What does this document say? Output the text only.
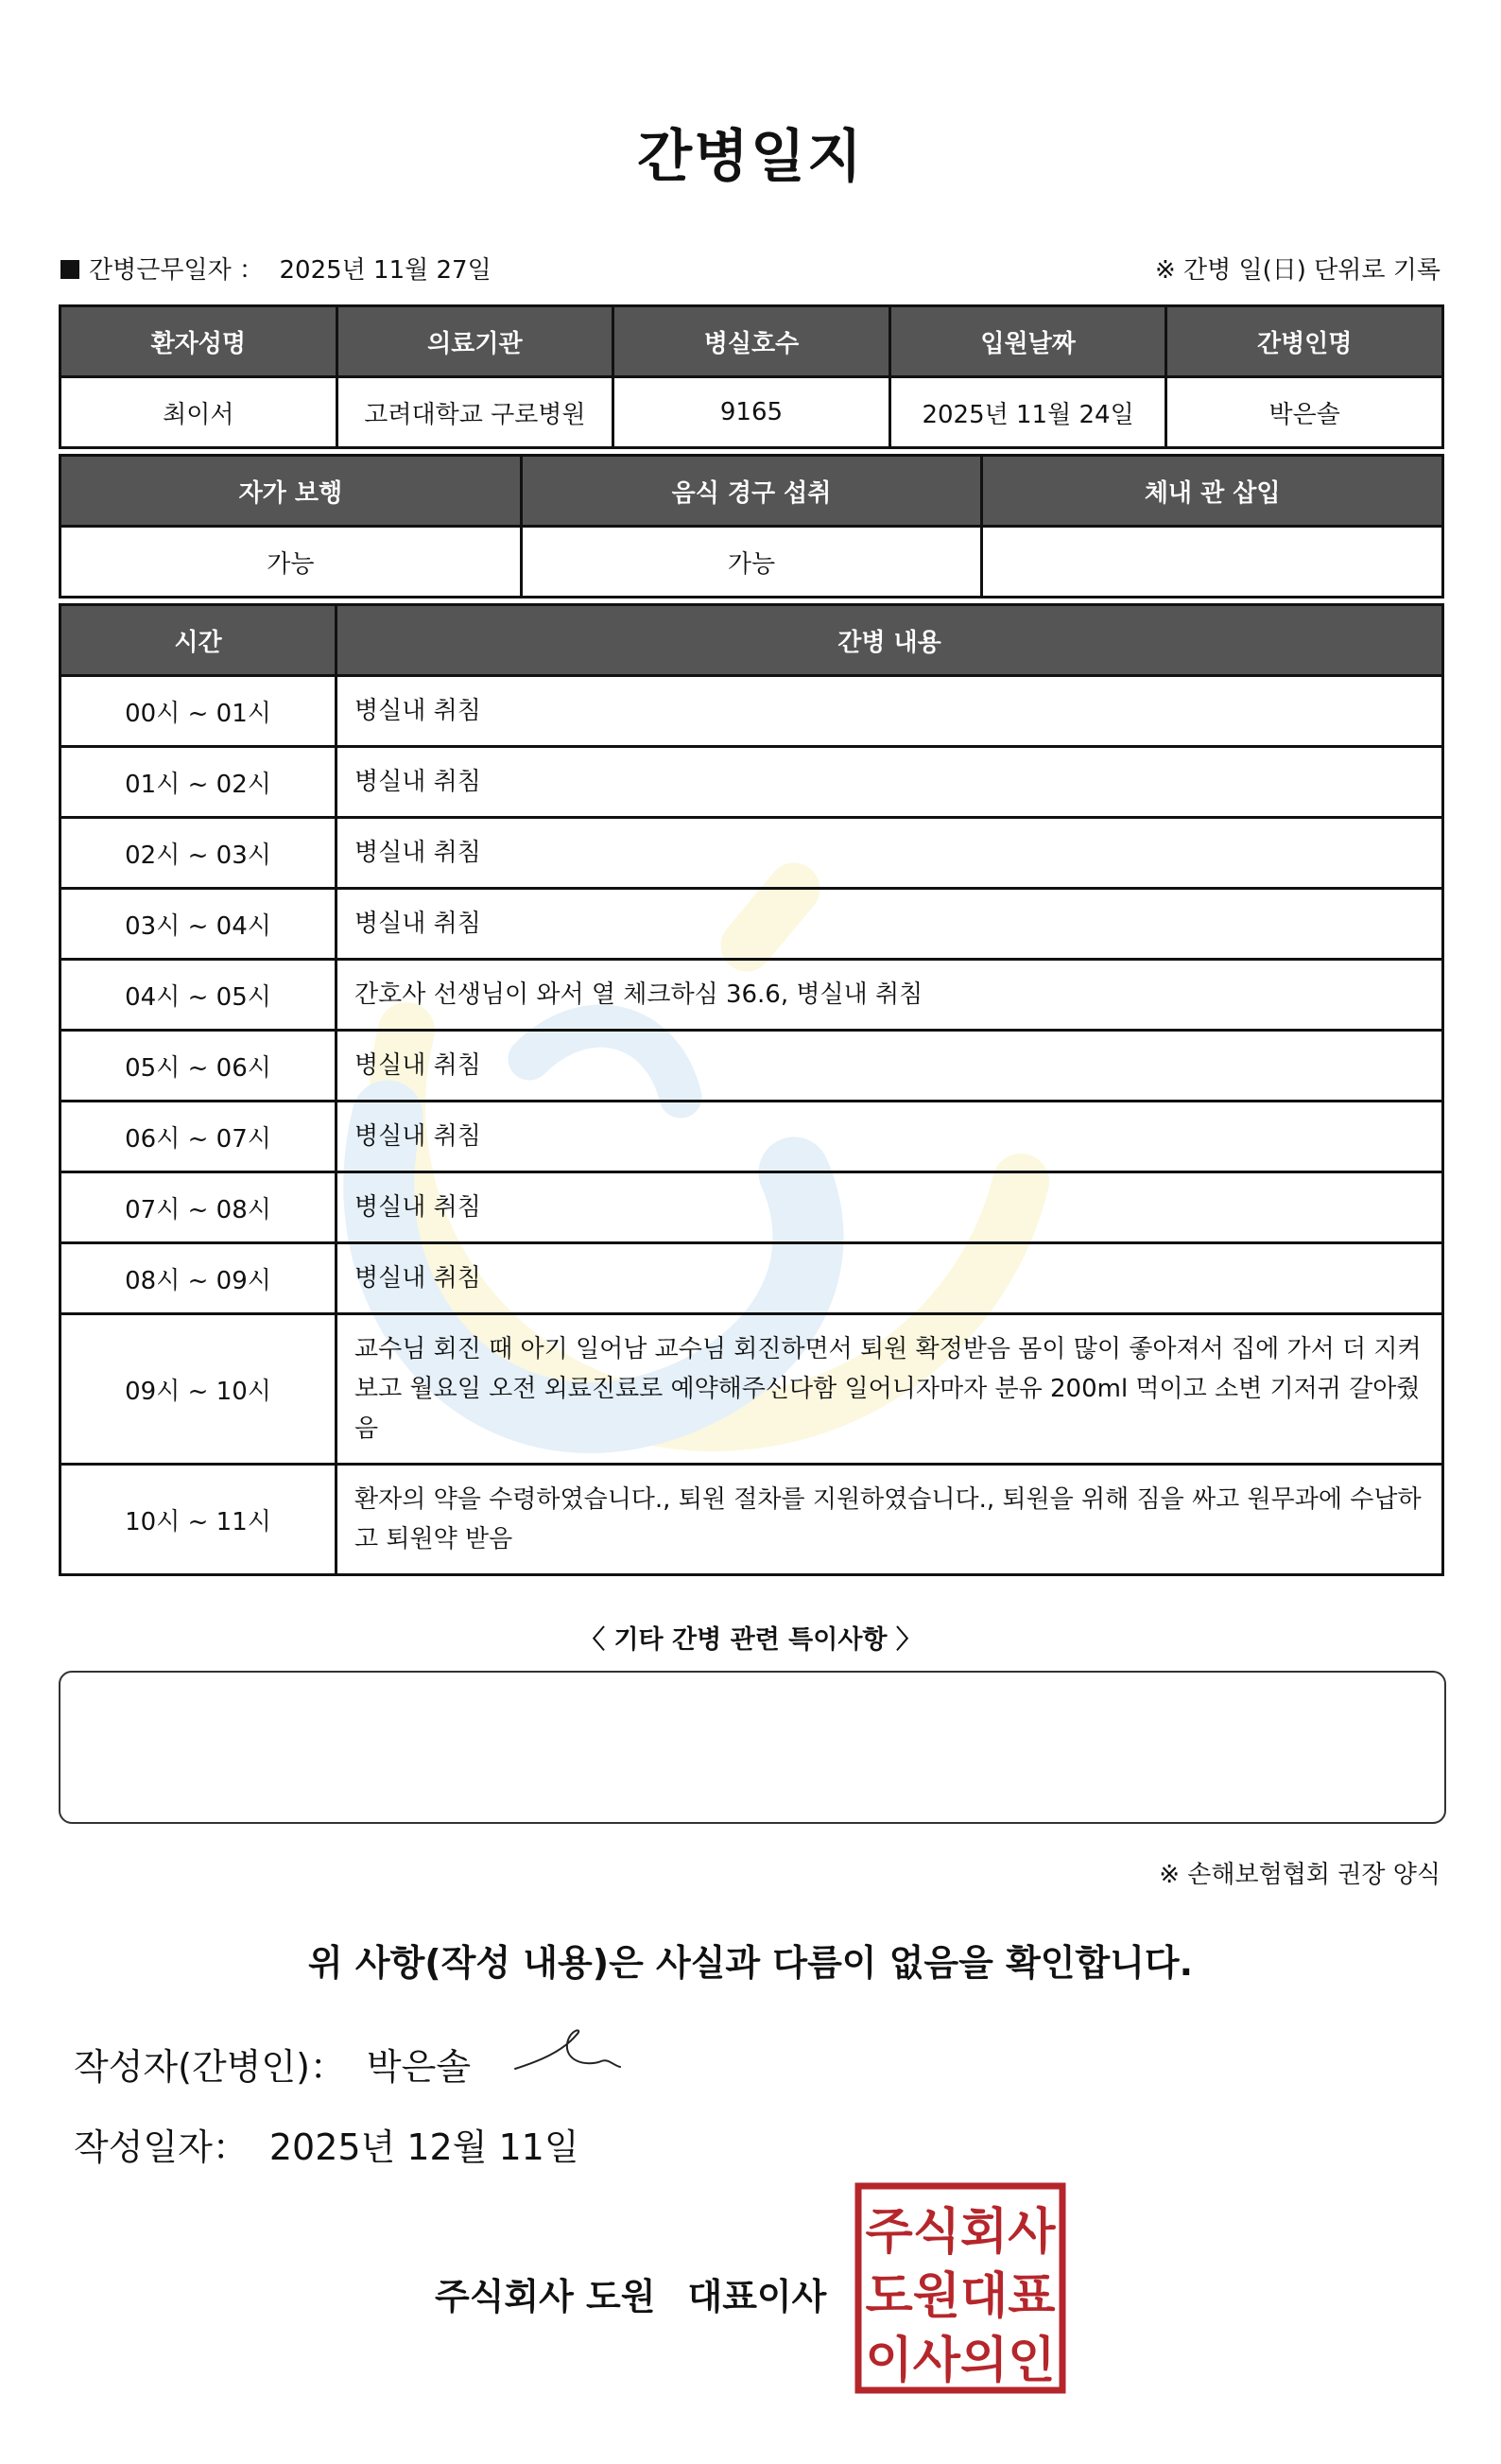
간병일지
간병근무일자 ： 2025년 11월 27일	※ 간병 일(日) 단위로 기록
환자성명	의료기관	병실호수	입원날짜	간병인명
최이서	고려대학교 구로병원	9165	2025년 11월 24일	박은솔
자가 보행	음식 경구 섭취	체내 관 삽입
가능	가능	
시간	간병 내용
00시 ~ 01시	병실내 취침
01시 ~ 02시	병실내 취침
02시 ~ 03시	병실내 취침
03시 ~ 04시	병실내 취침
04시 ~ 05시	간호사 선생님이 와서 열 체크하심 36.6, 병실내 취침
05시 ~ 06시	병실내 취침
06시 ~ 07시	병실내 취침
07시 ~ 08시	병실내 취침
08시 ~ 09시	병실내 취침
09시 ~ 10시	교수님 회진 때 아기 일어남 교수님 회진하면서 퇴원 확정받음 몸이 많이 좋아져서 집에 가서 더 지켜보고 월요일 오전 외료진료로 예약해주신다함 일어니자마자 분유 200ml 먹이고 소변 기저귀 갈아줬음
10시 ~ 11시	환자의 약을 수령하였습니다., 퇴원 절차를 지원하였습니다., 퇴원을 위해 짐을 싸고 원무과에 수납하고 퇴원약 받음
〈 기타 간병 관련 특이사항 〉
※ 손해보험협회 권장 양식
위 사항(작성 내용)은 사실과 다름이 없음을 확인합니다.
작성자(간병인)： 박은솔
작성일자： 2025년 12월 11일
주식회사 도원 대표이사
주식회사
도원대표
이사의인
